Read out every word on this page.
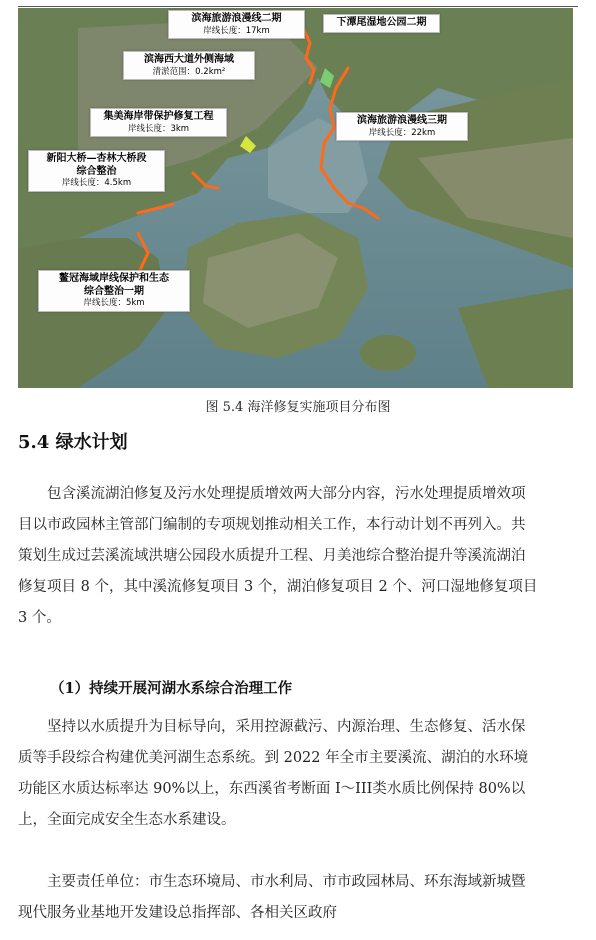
滨海旅游浪漫线二期
岸线长度：17km
下潭尾湿地公园二期
滨海西大道外侧海域
清淤范围：0.2km²
集美海岸带保护修复工程
岸线长度：3km
滨海旅游浪漫线三期
岸线长度：22km
新阳大桥—杏林大桥段
综合整治
岸线长度：4.5km
鳌冠海域岸线保护和生态
综合整治一期
岸线长度：5km
图 5.4 海洋修复实施项目分布图
5.4 绿水计划
包含溪流湖泊修复及污水处理提质增效两大部分内容，污水处理提质增效项
目以市政园林主管部门编制的专项规划推动相关工作，本行动计划不再列入。共
策划生成过芸溪流域洪塘公园段水质提升工程、月美池综合整治提升等溪流湖泊
修复项目 8 个，其中溪流修复项目 3 个，湖泊修复项目 2 个、河口湿地修复项目
3 个。
（1）持续开展河湖水系综合治理工作
坚持以水质提升为目标导向，采用控源截污、内源治理、生态修复、活水保
质等手段综合构建优美河湖生态系统。到 2022 年全市主要溪流、湖泊的水环境
功能区水质达标率达 90%以上，东西溪省考断面 I～III类水质比例保持 80%以
上，全面完成安全生态水系建设。
主要责任单位：市生态环境局、市水利局、市市政园林局、环东海域新城暨
现代服务业基地开发建设总指挥部、各相关区政府
